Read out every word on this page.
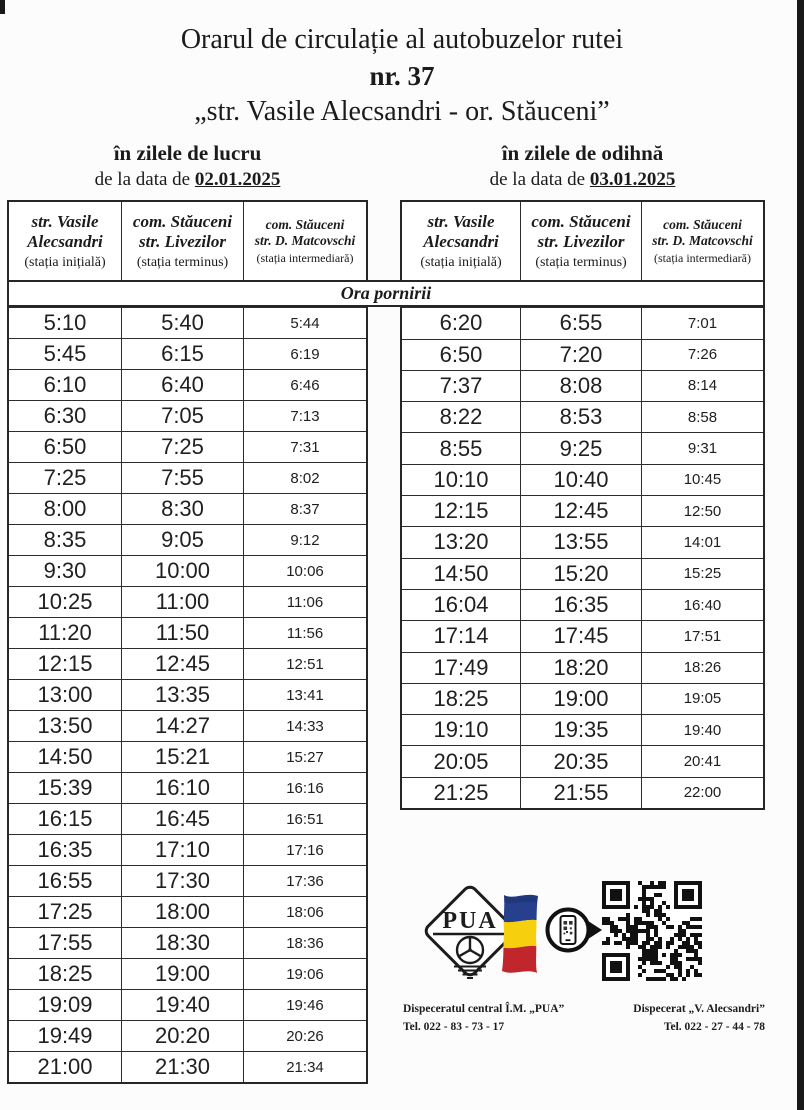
Orarul de circulație al autobuzelor rutei
nr. 37
„str. Vasile Alecsandri - or. Stăuceni”
în zilele de lucru
de la data de 02.01.2025
în zilele de odihnă
de la data de 03.01.2025
str. Vasile
Alecsandri
(stația inițială)
com. Stăuceni
str. Livezilor
(stația terminus)
com. Stăuceni
str. D. Matcovschi
(stația intermediară)
str. Vasile
Alecsandri
(stația inițială)
com. Stăuceni
str. Livezilor
(stația terminus)
com. Stăuceni
str. D. Matcovschi
(stația intermediară)
Ora pornirii
5:10	5:40	5:44
5:45	6:15	6:19
6:10	6:40	6:46
6:30	7:05	7:13
6:50	7:25	7:31
7:25	7:55	8:02
8:00	8:30	8:37
8:35	9:05	9:12
9:30	10:00	10:06
10:25	11:00	11:06
11:20	11:50	11:56
12:15	12:45	12:51
13:00	13:35	13:41
13:50	14:27	14:33
14:50	15:21	15:27
15:39	16:10	16:16
16:15	16:45	16:51
16:35	17:10	17:16
16:55	17:30	17:36
17:25	18:00	18:06
17:55	18:30	18:36
18:25	19:00	19:06
19:09	19:40	19:46
19:49	20:20	20:26
21:00	21:30	21:34
6:20	6:55	7:01
6:50	7:20	7:26
7:37	8:08	8:14
8:22	8:53	8:58
8:55	9:25	9:31
10:10	10:40	10:45
12:15	12:45	12:50
13:20	13:55	14:01
14:50	15:20	15:25
16:04	16:35	16:40
17:14	17:45	17:51
17:49	18:20	18:26
18:25	19:00	19:05
19:10	19:35	19:40
20:05	20:35	20:41
21:25	21:55	22:00
PUA
Dispeceratul central Î.M. „PUA”
Tel. 022 - 83 - 73 - 17
Dispecerat „V. Alecsandri”
Tel. 022 - 27 - 44 - 78
